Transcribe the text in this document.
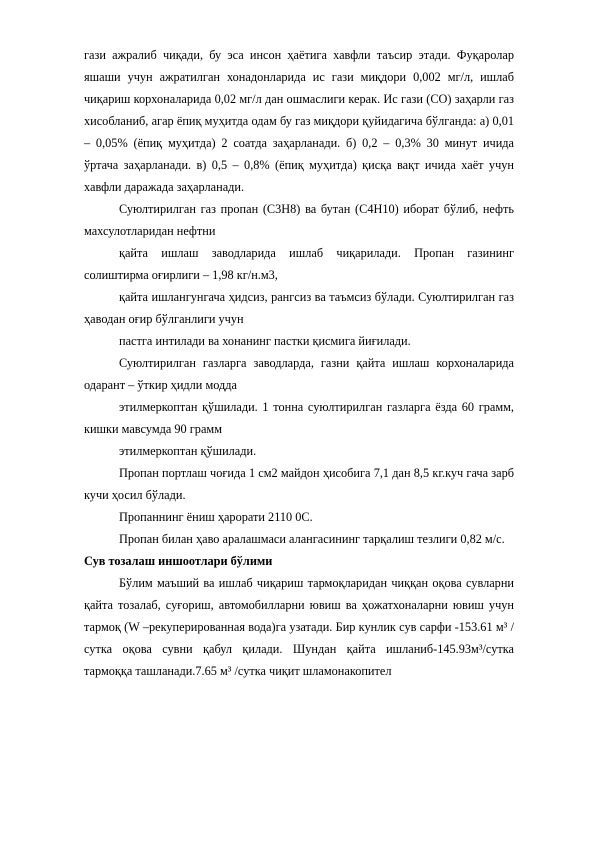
гази ажралиб чиқади, бу эса инсон ҳаётига хавфли таъсир этади. Фуқаролар яшаши учун ажратилган хонадонларида ис гази миқдори 0,002 мг/л, ишлаб чиқариш корхоналарида 0,02 мг/л дан ошмаслиги керак. Ис гази (СО) заҳарли газ хисобланиб, агар ёпиқ муҳитда одам бу газ миқдори қуйидагича бўлганда: а) 0,01 – 0,05% (ёпиқ муҳитда) 2 соатда заҳарланади. б) 0,2 – 0,3% 30 минут ичида ўртача заҳарланади. в) 0,5 – 0,8% (ёпиқ муҳитда) қисқа вақт ичида хаёт учун хавфли даражада заҳарланади.

Суюлтирилган газ пропан (С3Н8) ва бутан (С4Н10) иборат бўлиб, нефть махсулотларидан нефтни

қайта ишлаш заводларида ишлаб чиқарилади. Пропан газининг солиштирма оғирлиги – 1,98 кг/н.м3,

қайта ишлангунгача ҳидсиз, рангсиз ва таъмсиз бўлади. Суюлтирилган газ ҳаводан оғир бўлганлиги учун

пастга интилади ва хонанинг пастки қисмига йиғилади.

Суюлтирилган газларга заводларда, газни қайта ишлаш корхоналарида одарант – ўткир ҳидли модда

этилмеркоптан қўшилади. 1 тонна суюлтирилган газларга ёзда 60 грамм, кишки мавсумда 90 грамм

этилмеркоптан қўшилади.

Пропан портлаш чоғида 1 см2 майдон ҳисобига 7,1 дан 8,5 кг.куч гача зарб кучи ҳосил бўлади.

Пропаннинг ёниш ҳарорати 2110 0С.

Пропан билан ҳаво аралашмаси алангасининг тарқалиш тезлиги 0,82 м/с.

Сув тозалаш иншоотлари бўлими

Бўлим маъший ва ишлаб чиқариш тармоқларидан чиққан оқова сувларни қайта тозалаб, суғориш, автомобилларни ювиш ва ҳожатхоналарни ювиш учун тармоқ (W –рекуперированная вода)га узатади. Бир кунлик сув сарфи -153.61 м³ /сутка оқова сувни қабул қилади. Шундан қайта ишланиб-145.93м³/сутка тармоққа ташланади.7.65 м³ /сутка чиқит шламонакопител
